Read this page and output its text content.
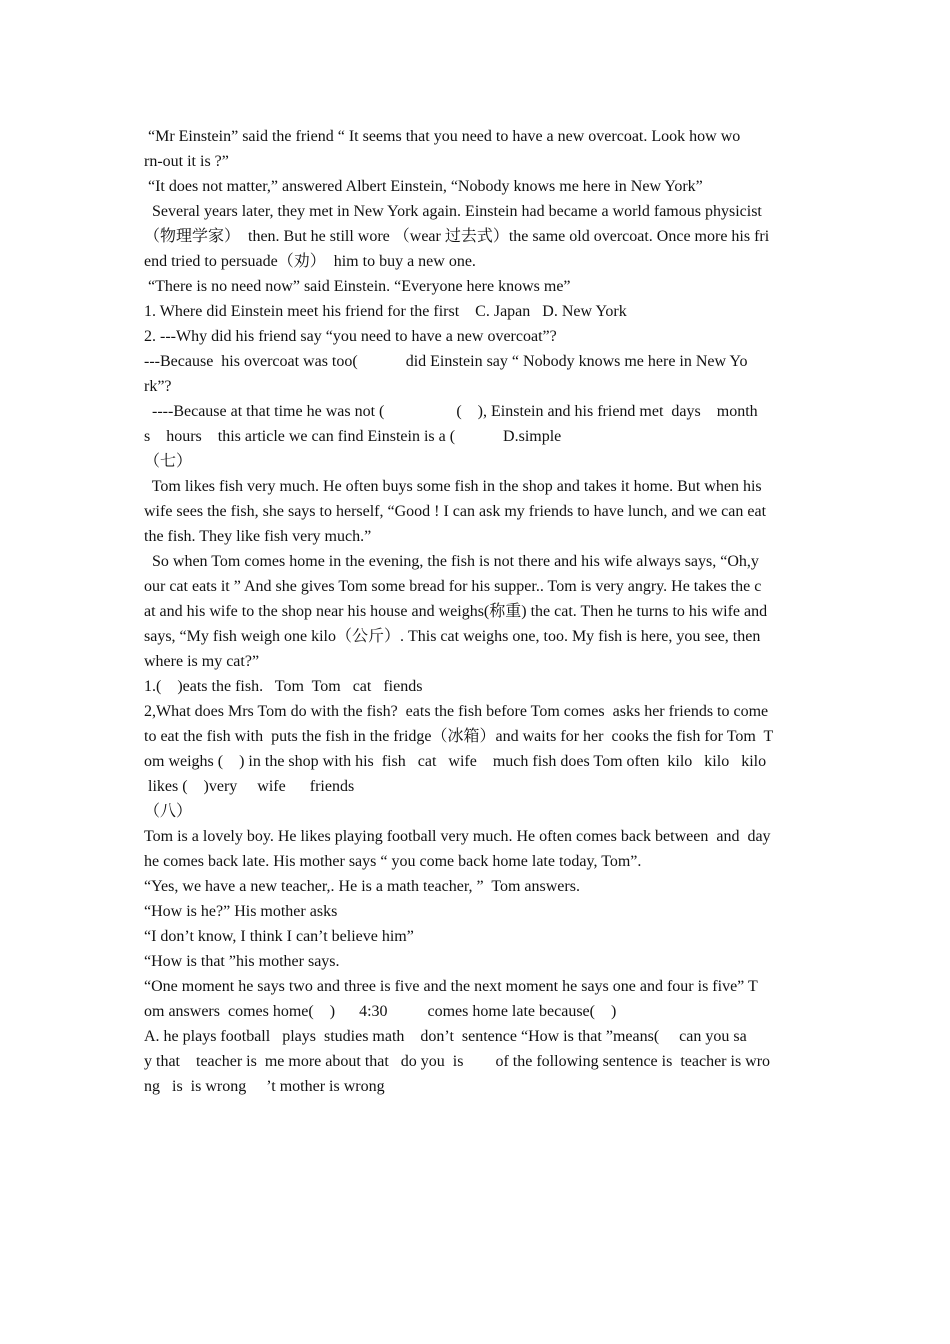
“Mr Einstein” said the friend “ It seems that you need to have a new overcoat. Look how wo
rn-out it is ?”
“It does not matter,” answered Albert Einstein, “Nobody knows me here in New York”
Several years later, they met in New York again. Einstein had became a world famous physicist
（物理学家）  then. But he still wore （wear 过去式）the same old overcoat. Once more his fri
end tried to persuade（劝）  him to buy a new one.
“There is no need now” said Einstein. “Everyone here knows me”
1. Where did Einstein meet his friend for the first    C. Japan   D. New York
2. ---Why did his friend say “you need to have a new overcoat”?
---Because  his overcoat was too(            did Einstein say “ Nobody knows me here in New Yo
rk”?
----Because at that time he was not (                  (    ), Einstein and his friend met  days    month
s    hours    this article we can find Einstein is a (            D.simple
（七）
Tom likes fish very much. He often buys some fish in the shop and takes it home. But when his
wife sees the fish, she says to herself, “Good ! I can ask my friends to have lunch, and we can eat
the fish. They like fish very much.”
So when Tom comes home in the evening, the fish is not there and his wife always says, “Oh,y
our cat eats it ” And she gives Tom some bread for his supper.. Tom is very angry. He takes the c
at and his wife to the shop near his house and weighs(称重) the cat. Then he turns to his wife and
says, “My fish weigh one kilo（公斤）. This cat weighs one, too. My fish is here, you see, then
where is my cat?”
1.(    )eats the fish.   Tom  Tom   cat   fiends
2,What does Mrs Tom do with the fish?  eats the fish before Tom comes  asks her friends to come
to eat the fish with  puts the fish in the fridge（冰箱）and waits for her  cooks the fish for Tom  T
om weighs (    ) in the shop with his  fish   cat   wife    much fish does Tom often  kilo   kilo   kilo
likes (    )very     wife      friends
（八）
Tom is a lovely boy. He likes playing football very much. He often comes back between  and  day
he comes back late. His mother says “ you come back home late today, Tom”.
“Yes, we have a new teacher,. He is a math teacher, ”  Tom answers.
“How is he?” His mother asks
“I don’t know, I think I can’t believe him”
“How is that ”his mother says.
“One moment he says two and three is five and the next moment he says one and four is five” T
om answers  comes home(    )      4:30          comes home late because(    )
A. he plays football   plays  studies math    don’t  sentence “How is that ”means(     can you sa
y that    teacher is  me more about that   do you  is        of the following sentence is  teacher is wro
ng   is  is wrong     ’t mother is wrong
